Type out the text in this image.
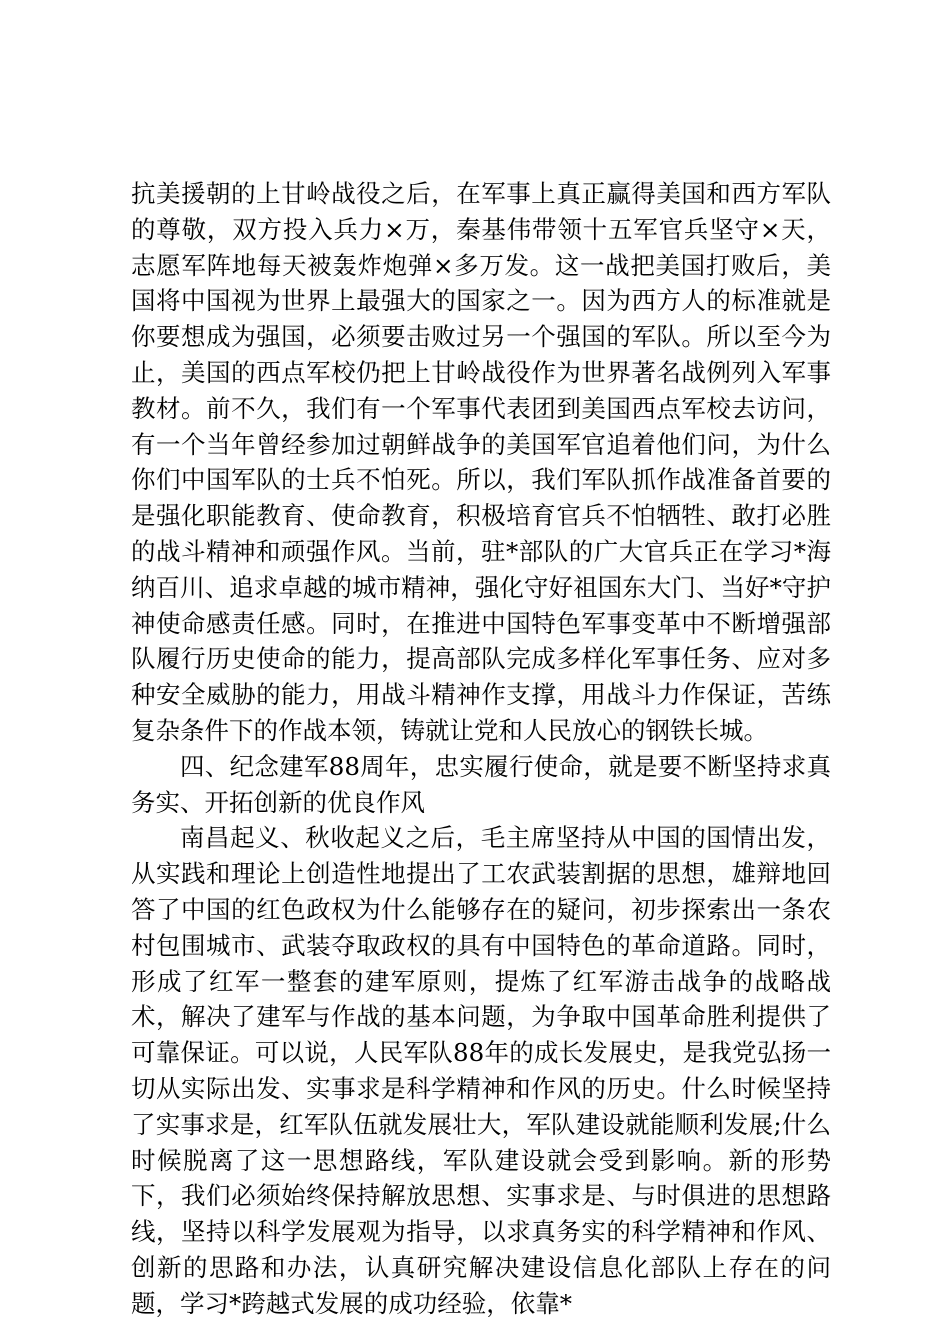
抗美援朝的上甘岭战役之后，在军事上真正赢得美国和西方军队的尊敬，双方投入兵力×万，秦基伟带领十五军官兵坚守×天，志愿军阵地每天被轰炸炮弹×多万发。这一战把美国打败后，美国将中国视为世界上最强大的国家之一。因为西方人的标准就是你要想成为强国，必须要击败过另一个强国的军队。所以至今为止，美国的西点军校仍把上甘岭战役作为世界著名战例列入军事教材。前不久，我们有一个军事代表团到美国西点军校去访问，有一个当年曾经参加过朝鲜战争的美国军官追着他们问，为什么你们中国军队的士兵不怕死。所以，我们军队抓作战准备首要的是强化职能教育、使命教育，积极培育官兵不怕牺牲、敢打必胜的战斗精神和顽强作风。当前，驻*部队的广大官兵正在学习*海纳百川、追求卓越的城市精神，强化守好祖国东大门、当好*守护神使命感责任感。同时，在推进中国特色军事变革中不断增强部队履行历史使命的能力，提高部队完成多样化军事任务、应对多种安全威胁的能力，用战斗精神作支撑，用战斗力作保证，苦练复杂条件下的作战本领，铸就让党和人民放心的钢铁长城。

四、纪念建军88周年，忠实履行使命，就是要不断坚持求真务实、开拓创新的优良作风

南昌起义、秋收起义之后，毛主席坚持从中国的国情出发，从实践和理论上创造性地提出了工农武装割据的思想，雄辩地回答了中国的红色政权为什么能够存在的疑问，初步探索出一条农村包围城市、武装夺取政权的具有中国特色的革命道路。同时，形成了红军一整套的建军原则，提炼了红军游击战争的战略战术，解决了建军与作战的基本问题，为争取中国革命胜利提供了可靠保证。可以说，人民军队88年的成长发展史，是我党弘扬一切从实际出发、实事求是科学精神和作风的历史。什么时候坚持了实事求是，红军队伍就发展壮大，军队建设就能顺利发展;什么时候脱离了这一思想路线，军队建设就会受到影响。新的形势下，我们必须始终保持解放思想、实事求是、与时俱进的思想路线，坚持以科学发展观为指导，以求真务实的科学精神和作风、创新的思路和办法，认真研究解决建设信息化部队上存在的问题，学习*跨越式发展的成功经验，依靠*
